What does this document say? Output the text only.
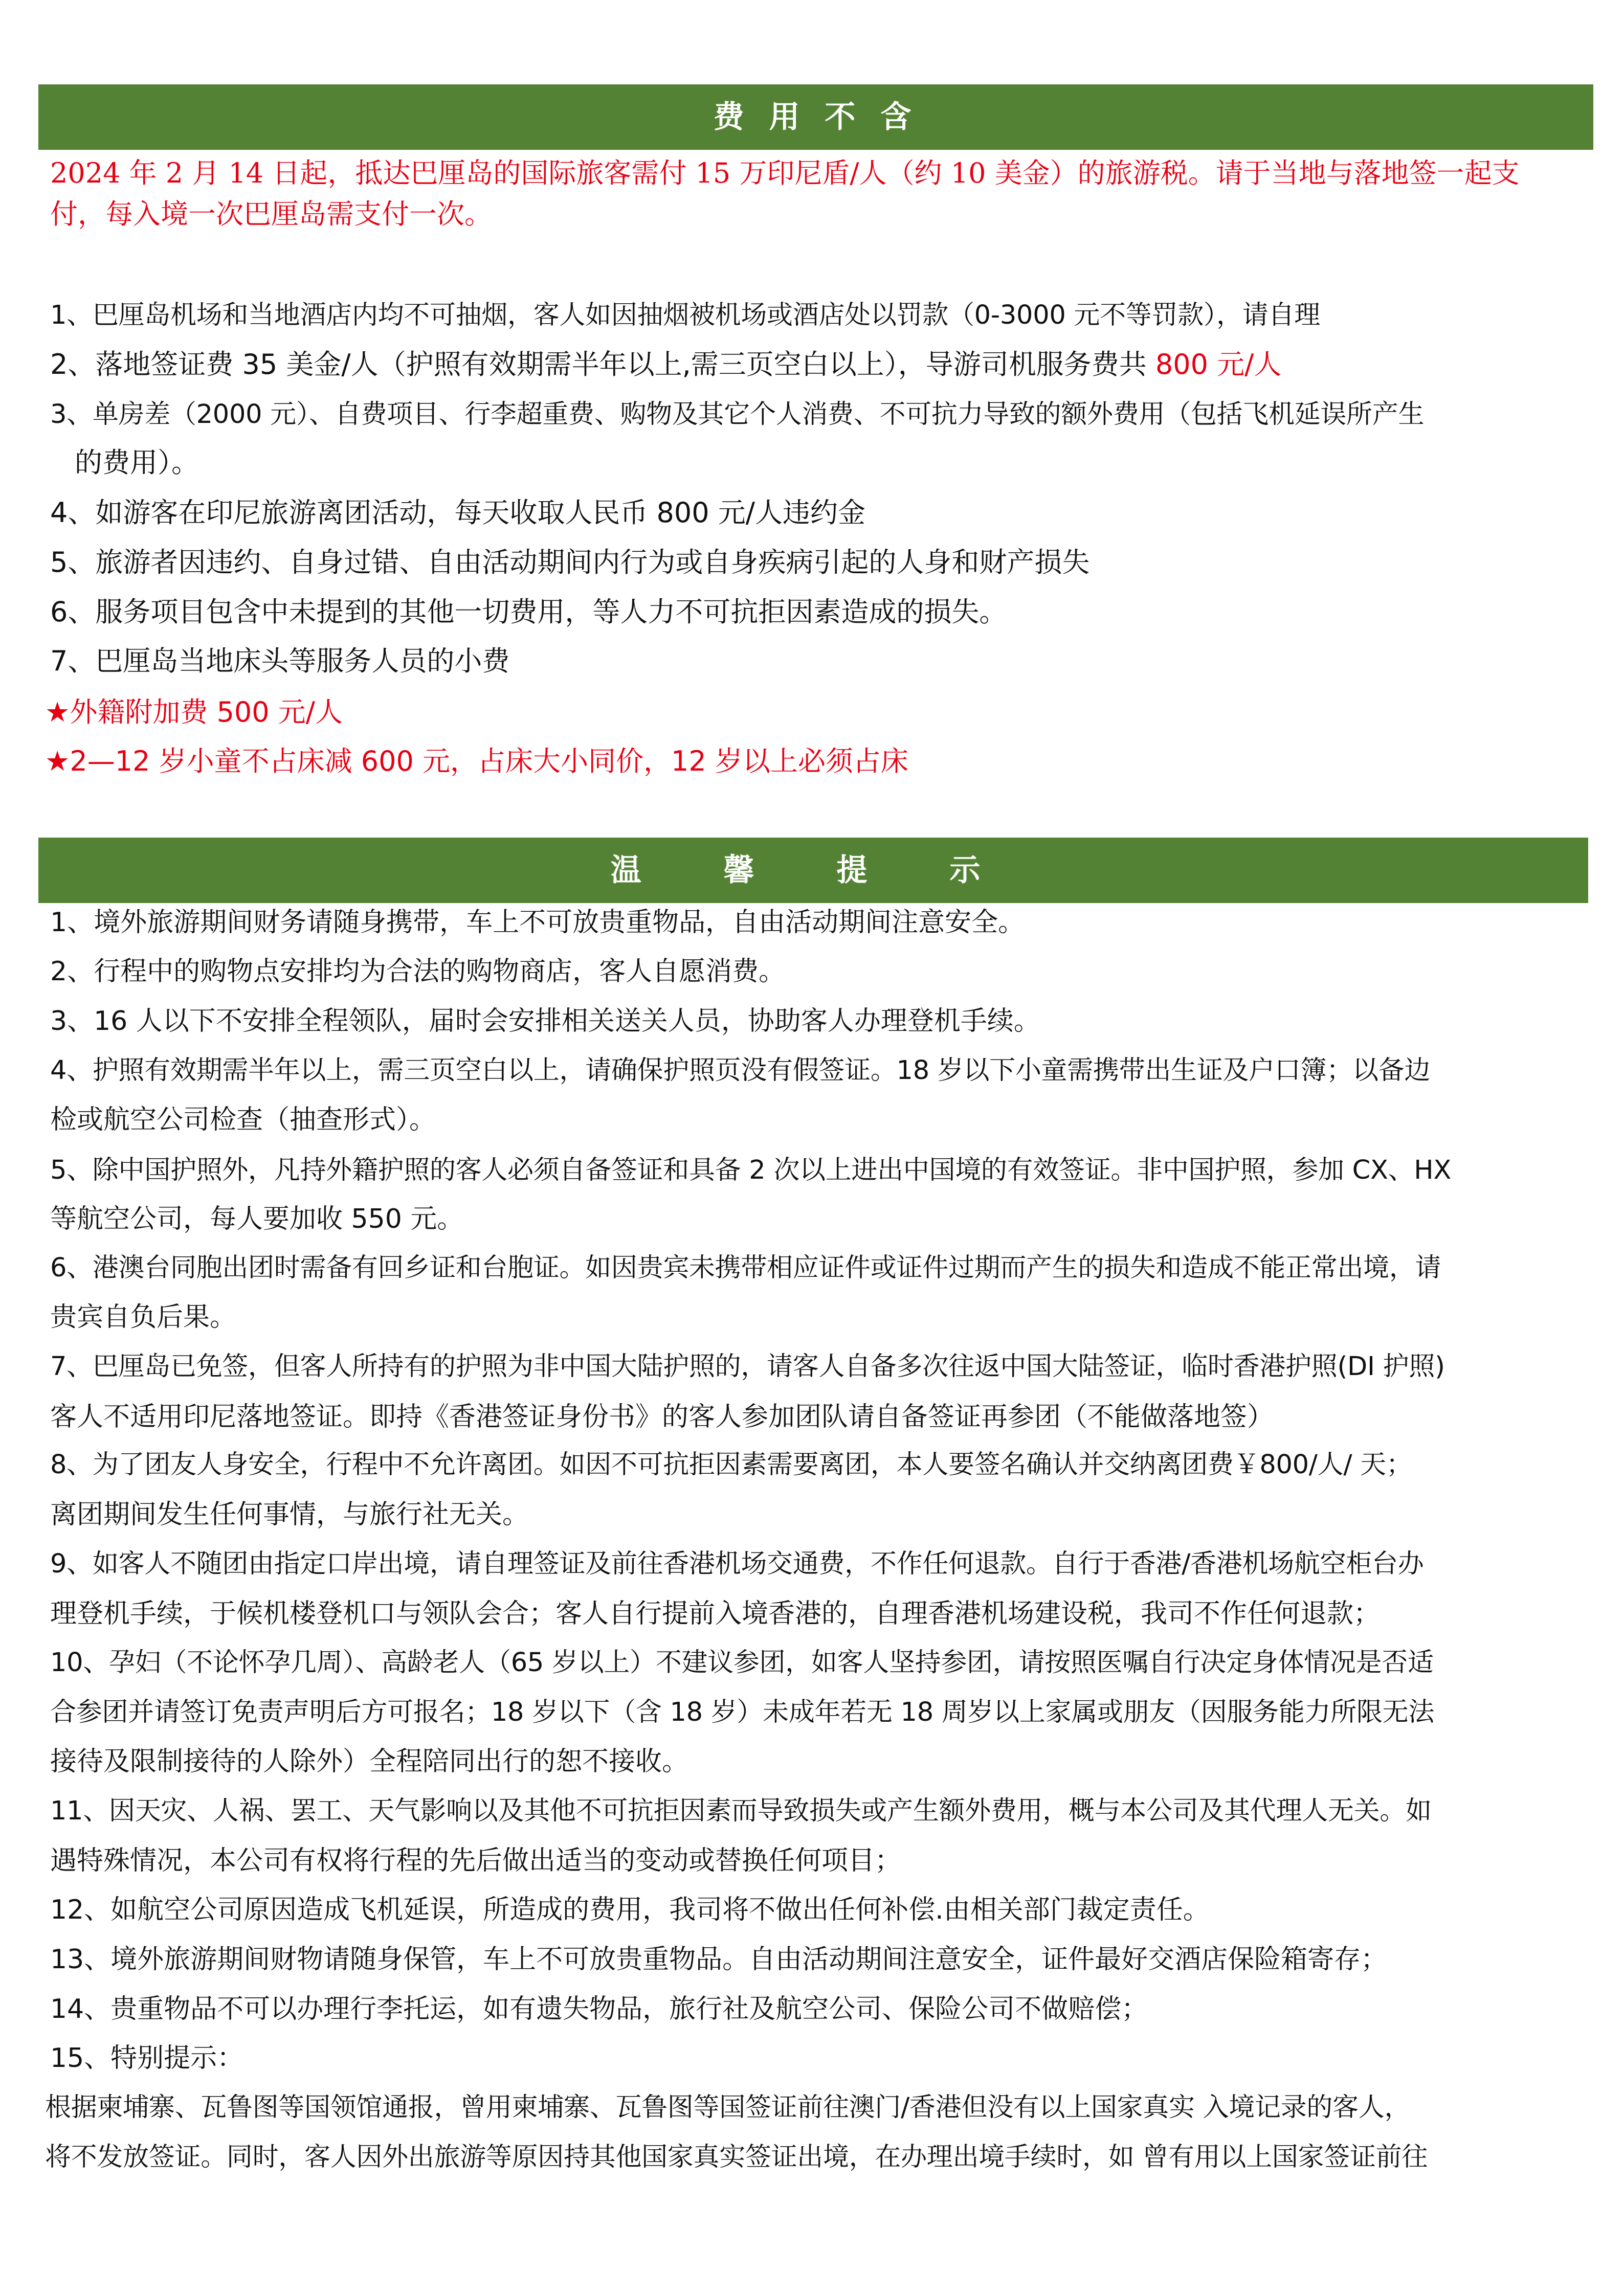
费 用 不 含
2024 年 2 月 14 日起，抵达巴厘岛的国际旅客需付 15 万印尼盾/人（约 10 美金）的旅游税。请于当地与落地签一起支
付，每入境一次巴厘岛需支付一次。
1、巴厘岛机场和当地酒店内均不可抽烟，客人如因抽烟被机场或酒店处以罚款（0-3000 元不等罚款），请自理
2、落地签证费 35 美金/人（护照有效期需半年以上,需三页空白以上），导游司机服务费共 800 元/人
3、单房差（2000 元）、自费项目、行李超重费、购物及其它个人消费、不可抗力导致的额外费用（包括飞机延误所产生
的费用）。
4、如游客在印尼旅游离团活动，每天收取人民币 800 元/人违约金
5、旅游者因违约、自身过错、自由活动期间内行为或自身疾病引起的人身和财产损失
6、服务项目包含中未提到的其他一切费用，等人力不可抗拒因素造成的损失。
7、巴厘岛当地床头等服务人员的小费
★外籍附加费 500 元/人
★2—12 岁小童不占床减 600 元，占床大小同价，12 岁以上必须占床
温 馨 提 示
1、境外旅游期间财务请随身携带，车上不可放贵重物品，自由活动期间注意安全。
2、行程中的购物点安排均为合法的购物商店，客人自愿消费。
3、16 人以下不安排全程领队，届时会安排相关送关人员，协助客人办理登机手续。
4、护照有效期需半年以上，需三页空白以上，请确保护照页没有假签证。18 岁以下小童需携带出生证及户口簿；以备边
检或航空公司检查（抽查形式）。
5、除中国护照外，凡持外籍护照的客人必须自备签证和具备 2 次以上进出中国境的有效签证。非中国护照，参加 CX、HX
等航空公司，每人要加收 550 元。
6、港澳台同胞出团时需备有回乡证和台胞证。如因贵宾未携带相应证件或证件过期而产生的损失和造成不能正常出境，请
贵宾自负后果。
7、巴厘岛已免签，但客人所持有的护照为非中国大陆护照的，请客人自备多次往返中国大陆签证，临时香港护照(DI 护照)
客人不适用印尼落地签证。即持《香港签证身份书》的客人参加团队请自备签证再参团（不能做落地签）
8、为了团友人身安全，行程中不允许离团。如因不可抗拒因素需要离团，本人要签名确认并交纳离团费￥800/人/ 天；
离团期间发生任何事情，与旅行社无关。
9、如客人不随团由指定口岸出境，请自理签证及前往香港机场交通费，不作任何退款。自行于香港/香港机场航空柜台办
理登机手续，于候机楼登机口与领队会合；客人自行提前入境香港的，自理香港机场建设税，我司不作任何退款；
10、孕妇（不论怀孕几周）、高龄老人（65 岁以上）不建议参团，如客人坚持参团，请按照医嘱自行决定身体情况是否适
合参团并请签订免责声明后方可报名；18 岁以下（含 18 岁）未成年若无 18 周岁以上家属或朋友（因服务能力所限无法
接待及限制接待的人除外）全程陪同出行的恕不接收。
11、因天灾、人祸、罢工、天气影响以及其他不可抗拒因素而导致损失或产生额外费用，概与本公司及其代理人无关。如
遇特殊情况，本公司有权将行程的先后做出适当的变动或替换任何项目；
12、如航空公司原因造成飞机延误，所造成的费用，我司将不做出任何补偿.由相关部门裁定责任。
13、境外旅游期间财物请随身保管，车上不可放贵重物品。自由活动期间注意安全，证件最好交酒店保险箱寄存；
14、贵重物品不可以办理行李托运，如有遗失物品，旅行社及航空公司、保险公司不做赔偿；
15、特别提示：
根据柬埔寨、瓦鲁图等国领馆通报，曾用柬埔寨、瓦鲁图等国签证前往澳门/香港但没有以上国家真实 入境记录的客人，
将不发放签证。同时，客人因外出旅游等原因持其他国家真实签证出境，在办理出境手续时，如 曾有用以上国家签证前往
